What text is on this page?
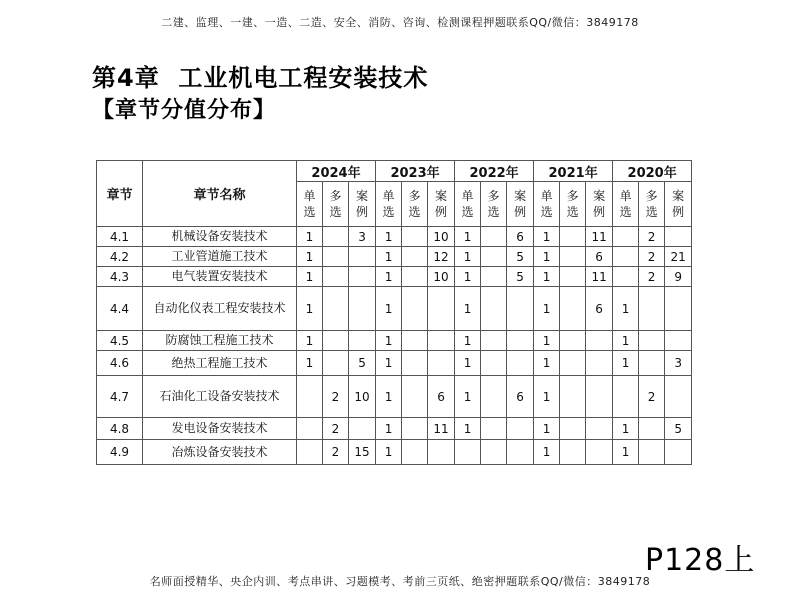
二建、监理、一建、一造、二造、安全、消防、咨询、检测课程押题联系QQ/微信：3849178
第4章  工业机电工程安装技术
【章节分值分布】
章节	章节名称	2024年			2023年			2022年			2021年			2020年		
		单选	多选	案例	单选	多选	案例	单选	多选	案例	单选	多选	案例	单选	多选	案例
4.1	机械设备安装技术	1		3	1		10	1		6	1		11		2	
4.2	工业管道施工技术	1			1		12	1		5	1		6		2	21
4.3	电气装置安装技术	1			1		10	1		5	1		11		2	9
4.4	自动化仪表工程安装技术	1			1			1			1		6	1		
4.5	防腐蚀工程施工技术	1			1			1			1			1		
4.6	绝热工程施工技术	1		5	1			1			1			1		3
4.7	石油化工设备安装技术		2	10	1		6	1		6	1				2	
4.8	发电设备安装技术		2		1		11	1			1			1		5
4.9	冶炼设备安装技术		2	15	1						1			1		
P128上
名师面授精华、央企内训、考点串讲、习题模考、考前三页纸、绝密押题联系QQ/微信：3849178
